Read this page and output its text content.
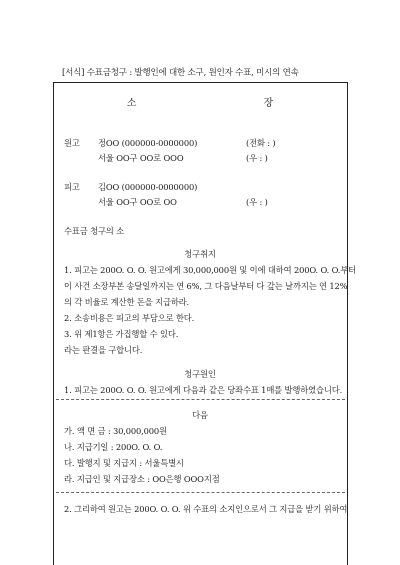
[서식] 수표금청구 : 발행인에 대한 소구, 원인자 수표, 미시의 연속
소 장
원고 정OO (000000-0000000)	(전화 : )
서울 OO구 OO로 OOO	(우 : )
피고 김OO (000000-0000000)
서울 OO구 OO로 OO	(우 : )
수표금 청구의 소
청구취지
1. 피고는 200O. O. O. 원고에게 30,000,000원 및 이에 대하여 200O. O. O.부터
이 사건 소장부본 송달일까지는 연 6%, 그 다음날부터 다 갚는 날까지는 연 12%
의 각 비율로 계산한 돈을 지급하라.
2. 소송비용은 피고의 부담으로 한다.
3. 위 제1항은 가집행할 수 있다.
라는 판결을 구합니다.
청구원인
1. 피고는 200O. O. O. 원고에게 다음과 같은 당좌수표 1매를 발행하였습니다.
다음
가. 액 면 금 : 30,000,000원
나. 지급기일 : 200O. O. O.
다. 발행지 및 지급지 : 서울특별시
라. 지급인 및 지급장소 : OO은행 OOO지점
2. 그리하여 원고는 200O. O. O. 위 수표의 소지인으로서 그 지급을 받기 위하여
